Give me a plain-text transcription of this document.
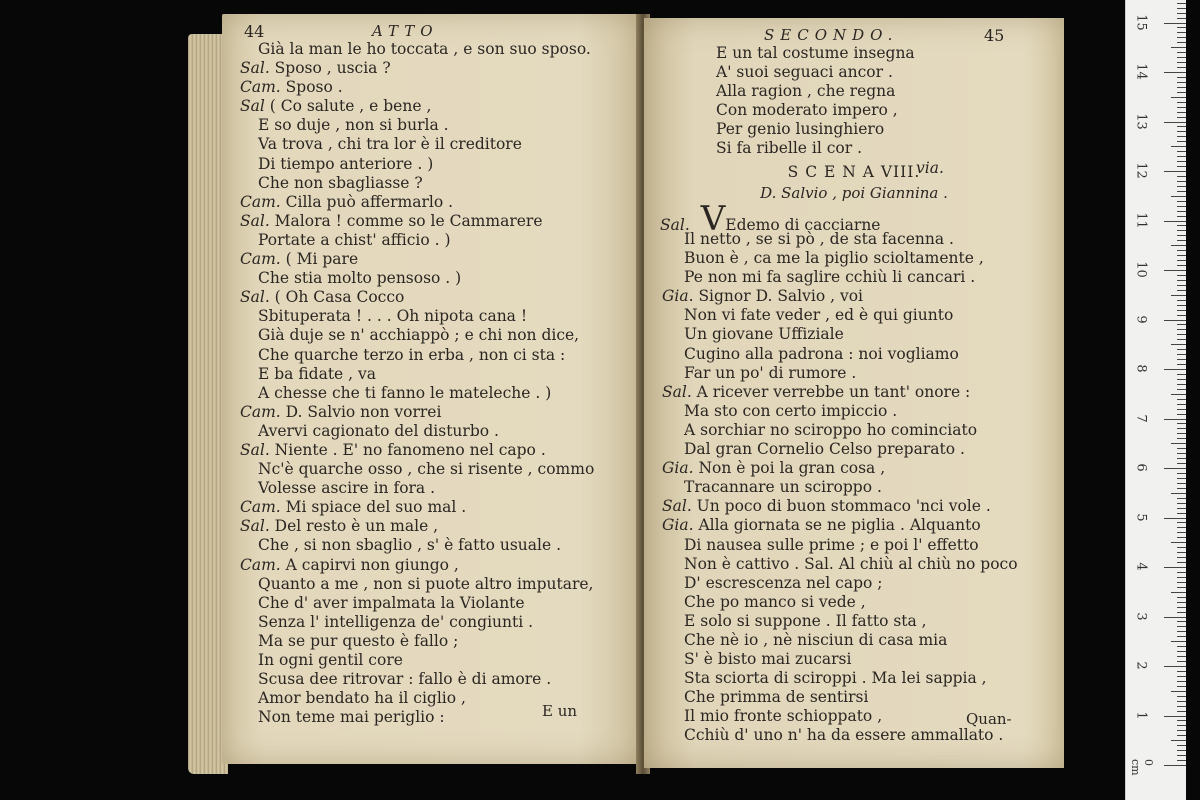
44	ATTO
Già la man le ho toccata , e son suo sposo.
Sal. Sposo , uscia ?
Cam. Sposo .
Sal ( Co salute , e bene ,
E so duje , non si burla .
Va trova , chi tra lor è il creditore
Di tiempo anteriore . )
Che non sbagliasse ?
Cam. Cilla può affermarlo .
Sal. Malora ! comme so le Cammarere
Portate a chist' afficio . )
Cam. ( Mi pare
Che stia molto pensoso . )
Sal. ( Oh Casa Cocco
Sbituperata ! . . . Oh nipota cana !
Già duje se n' acchiappò ; e chi non dice,
Che quarche terzo in erba , non ci sta :
E ba fidate , va
A chesse che ti fanno le mateleche . )
Cam. D. Salvio non vorrei
Avervi cagionato del disturbo .
Sal. Niente . E' no fanomeno nel capo .
Nc'è quarche osso , che si risente , commo
Volesse ascire in fora .
Cam. Mi spiace del suo mal .
Sal. Del resto è un male ,
Che , si non sbaglio , s' è fatto usuale .
Cam. A capirvi non giungo ,
Quanto a me , non si puote altro imputare,
Che d' aver impalmata la Violante
Senza l' intelligenza de' congiunti .
Ma se pur questo è fallo ;
In ogni gentil core
Scusa dee ritrovar : fallo è di amore .
Amor bendato ha il ciglio ,
Non teme mai periglio :	E un
SECONDO.	45
E un tal costume insegna
A' suoi seguaci ancor .
Alla ragion , che regna
Con moderato impero ,
Per genio lusinghiero
Si fa ribelle il cor .
via.
S C E N A VIII.
D. Salvio , poi Giannina .
Sal. VEdemo di cacciarne
Il netto , se si pò , de sta facenna .
Buon è , ca me la piglio scioltamente ,
Pe non mi fa saglire cchiù li cancari .
Gia. Signor D. Salvio , voi
Non vi fate veder , ed è qui giunto
Un giovane Uffiziale
Cugino alla padrona : noi vogliamo
Far un po' di rumore .
Sal. A ricever verrebbe un tant' onore :
Ma sto con certo impiccio .
A sorchiar no sciroppo ho cominciato
Dal gran Cornelio Celso preparato .
Gia. Non è poi la gran cosa ,
Tracannare un sciroppo .
Sal. Un poco di buon stommaco 'nci vole .
Gia. Alla giornata se ne piglia . Alquanto
Di nausea sulle prime ; e poi l' effetto
Non è cattivo . Sal. Al chiù al chiù no poco
D' escrescenza nel capo ;
Che po manco si vede ,
E solo si suppone . Il fatto sta ,
Che nè io , nè nisciun di casa mia
S' è bisto mai zucarsi
Sta sciorta di sciroppi . Ma lei sappia ,
Che primma de sentirsi
Il mio fronte schioppato ,
Cchiù d' uno n' ha da essere ammallato .
Quan-
0 cm
1
2
3
4
5
6
7
8
9
10
11
12
13
14
15
